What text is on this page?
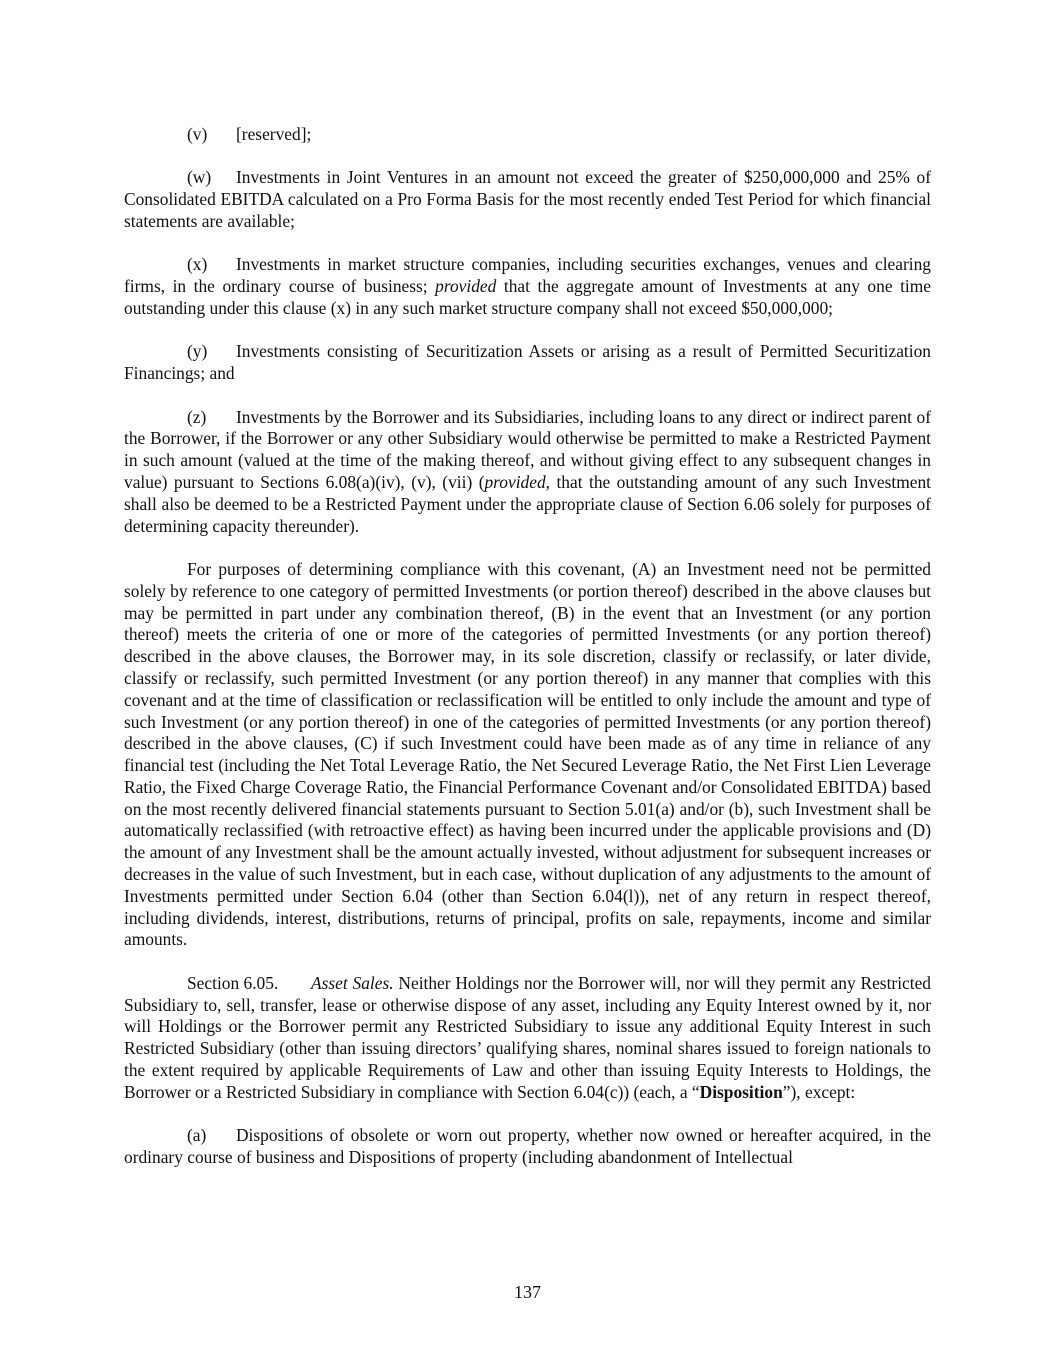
(v) [reserved];

(w) Investments in Joint Ventures in an amount not exceed the greater of $250,000,000 and 25% of Consolidated EBITDA calculated on a Pro Forma Basis for the most recently ended Test Period for which financial statements are available;

(x) Investments in market structure companies, including securities exchanges, venues and clearing firms, in the ordinary course of business; provided that the aggregate amount of Investments at any one time outstanding under this clause (x) in any such market structure company shall not exceed $50,000,000;

(y) Investments consisting of Securitization Assets or arising as a result of Permitted Securitization Financings; and

(z) Investments by the Borrower and its Subsidiaries, including loans to any direct or indirect parent of the Borrower, if the Borrower or any other Subsidiary would otherwise be permitted to make a Restricted Payment in such amount (valued at the time of the making thereof, and without giving effect to any subsequent changes in value) pursuant to Sections 6.08(a)(iv), (v), (vii) (provided, that the outstanding amount of any such Investment shall also be deemed to be a Restricted Payment under the appropriate clause of Section 6.06 solely for purposes of determining capacity thereunder).

For purposes of determining compliance with this covenant, (A) an Investment need not be permitted solely by reference to one category of permitted Investments (or portion thereof) described in the above clauses but may be permitted in part under any combination thereof, (B) in the event that an Investment (or any portion thereof) meets the criteria of one or more of the categories of permitted Investments (or any portion thereof) described in the above clauses, the Borrower may, in its sole discretion, classify or reclassify, or later divide, classify or reclassify, such permitted Investment (or any portion thereof) in any manner that complies with this covenant and at the time of classification or reclassification will be entitled to only include the amount and type of such Investment (or any portion thereof) in one of the categories of permitted Investments (or any portion thereof) described in the above clauses, (C) if such Investment could have been made as of any time in reliance of any financial test (including the Net Total Leverage Ratio, the Net Secured Leverage Ratio, the Net First Lien Leverage Ratio, the Fixed Charge Coverage Ratio, the Financial Performance Covenant and/or Consolidated EBITDA) based on the most recently delivered financial statements pursuant to Section 5.01(a) and/or (b), such Investment shall be automatically reclassified (with retroactive effect) as having been incurred under the applicable provisions and (D) the amount of any Investment shall be the amount actually invested, without adjustment for subsequent increases or decreases in the value of such Investment, but in each case, without duplication of any adjustments to the amount of Investments permitted under Section 6.04 (other than Section 6.04(l)), net of any return in respect thereof, including dividends, interest, distributions, returns of principal, profits on sale, repayments, income and similar amounts.

Section 6.05. Asset Sales. Neither Holdings nor the Borrower will, nor will they permit any Restricted Subsidiary to, sell, transfer, lease or otherwise dispose of any asset, including any Equity Interest owned by it, nor will Holdings or the Borrower permit any Restricted Subsidiary to issue any additional Equity Interest in such Restricted Subsidiary (other than issuing directors’ qualifying shares, nominal shares issued to foreign nationals to the extent required by applicable Requirements of Law and other than issuing Equity Interests to Holdings, the Borrower or a Restricted Subsidiary in compliance with Section 6.04(c)) (each, a “Disposition”), except:

(a) Dispositions of obsolete or worn out property, whether now owned or hereafter acquired, in the ordinary course of business and Dispositions of property (including abandonment of Intellectual

137
